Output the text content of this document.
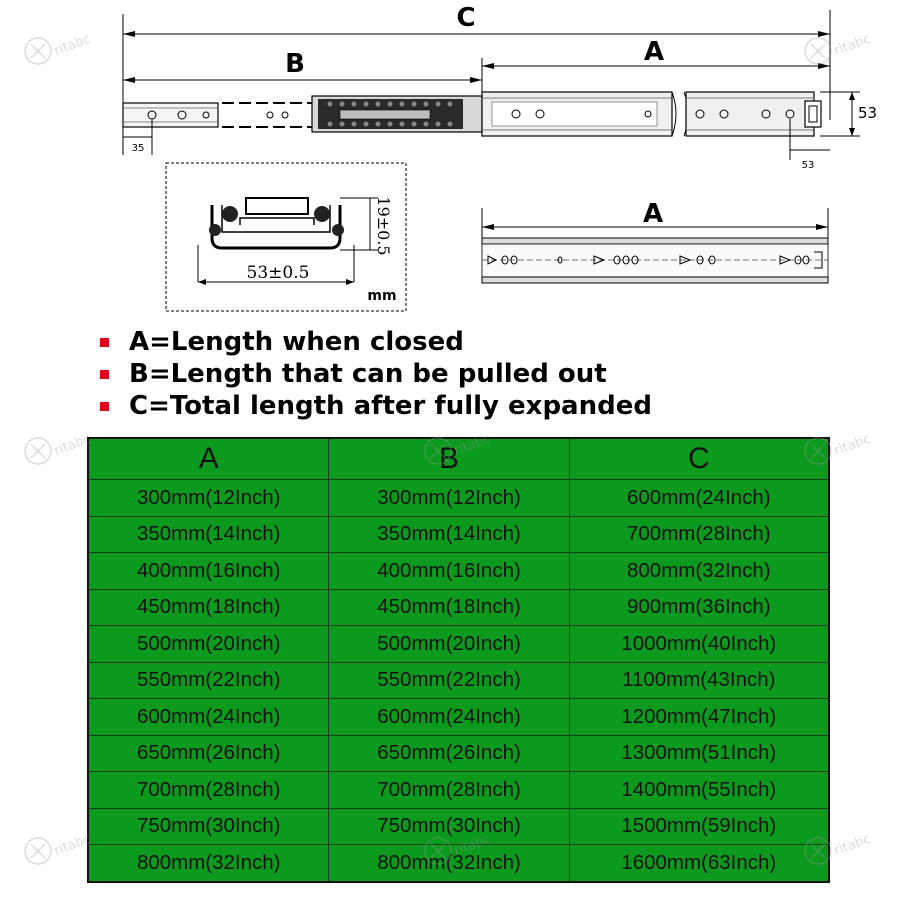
C
B	A
35
53
53
53±0.5
19±0.5
mm
A
A=Length when closed
B=Length that can be pulled out
C=Total length after fully expanded
A	B	C
300mm(12Inch)	300mm(12Inch)	600mm(24Inch)
350mm(14Inch)	350mm(14Inch)	700mm(28Inch)
400mm(16Inch)	400mm(16Inch)	800mm(32Inch)
450mm(18Inch)	450mm(18Inch)	900mm(36Inch)
500mm(20Inch)	500mm(20Inch)	1000mm(40Inch)
550mm(22Inch)	550mm(22Inch)	1100mm(43Inch)
600mm(24Inch)	600mm(24Inch)	1200mm(47Inch)
650mm(26Inch)	650mm(26Inch)	1300mm(51Inch)
700mm(28Inch)	700mm(28Inch)	1400mm(55Inch)
750mm(30Inch)	750mm(30Inch)	1500mm(59Inch)
800mm(32Inch)	800mm(32Inch)	1600mm(63Inch)
ritabc	ritabc
ritabc	ritabc	ritabc
ritabc	ritabc	ritabc
